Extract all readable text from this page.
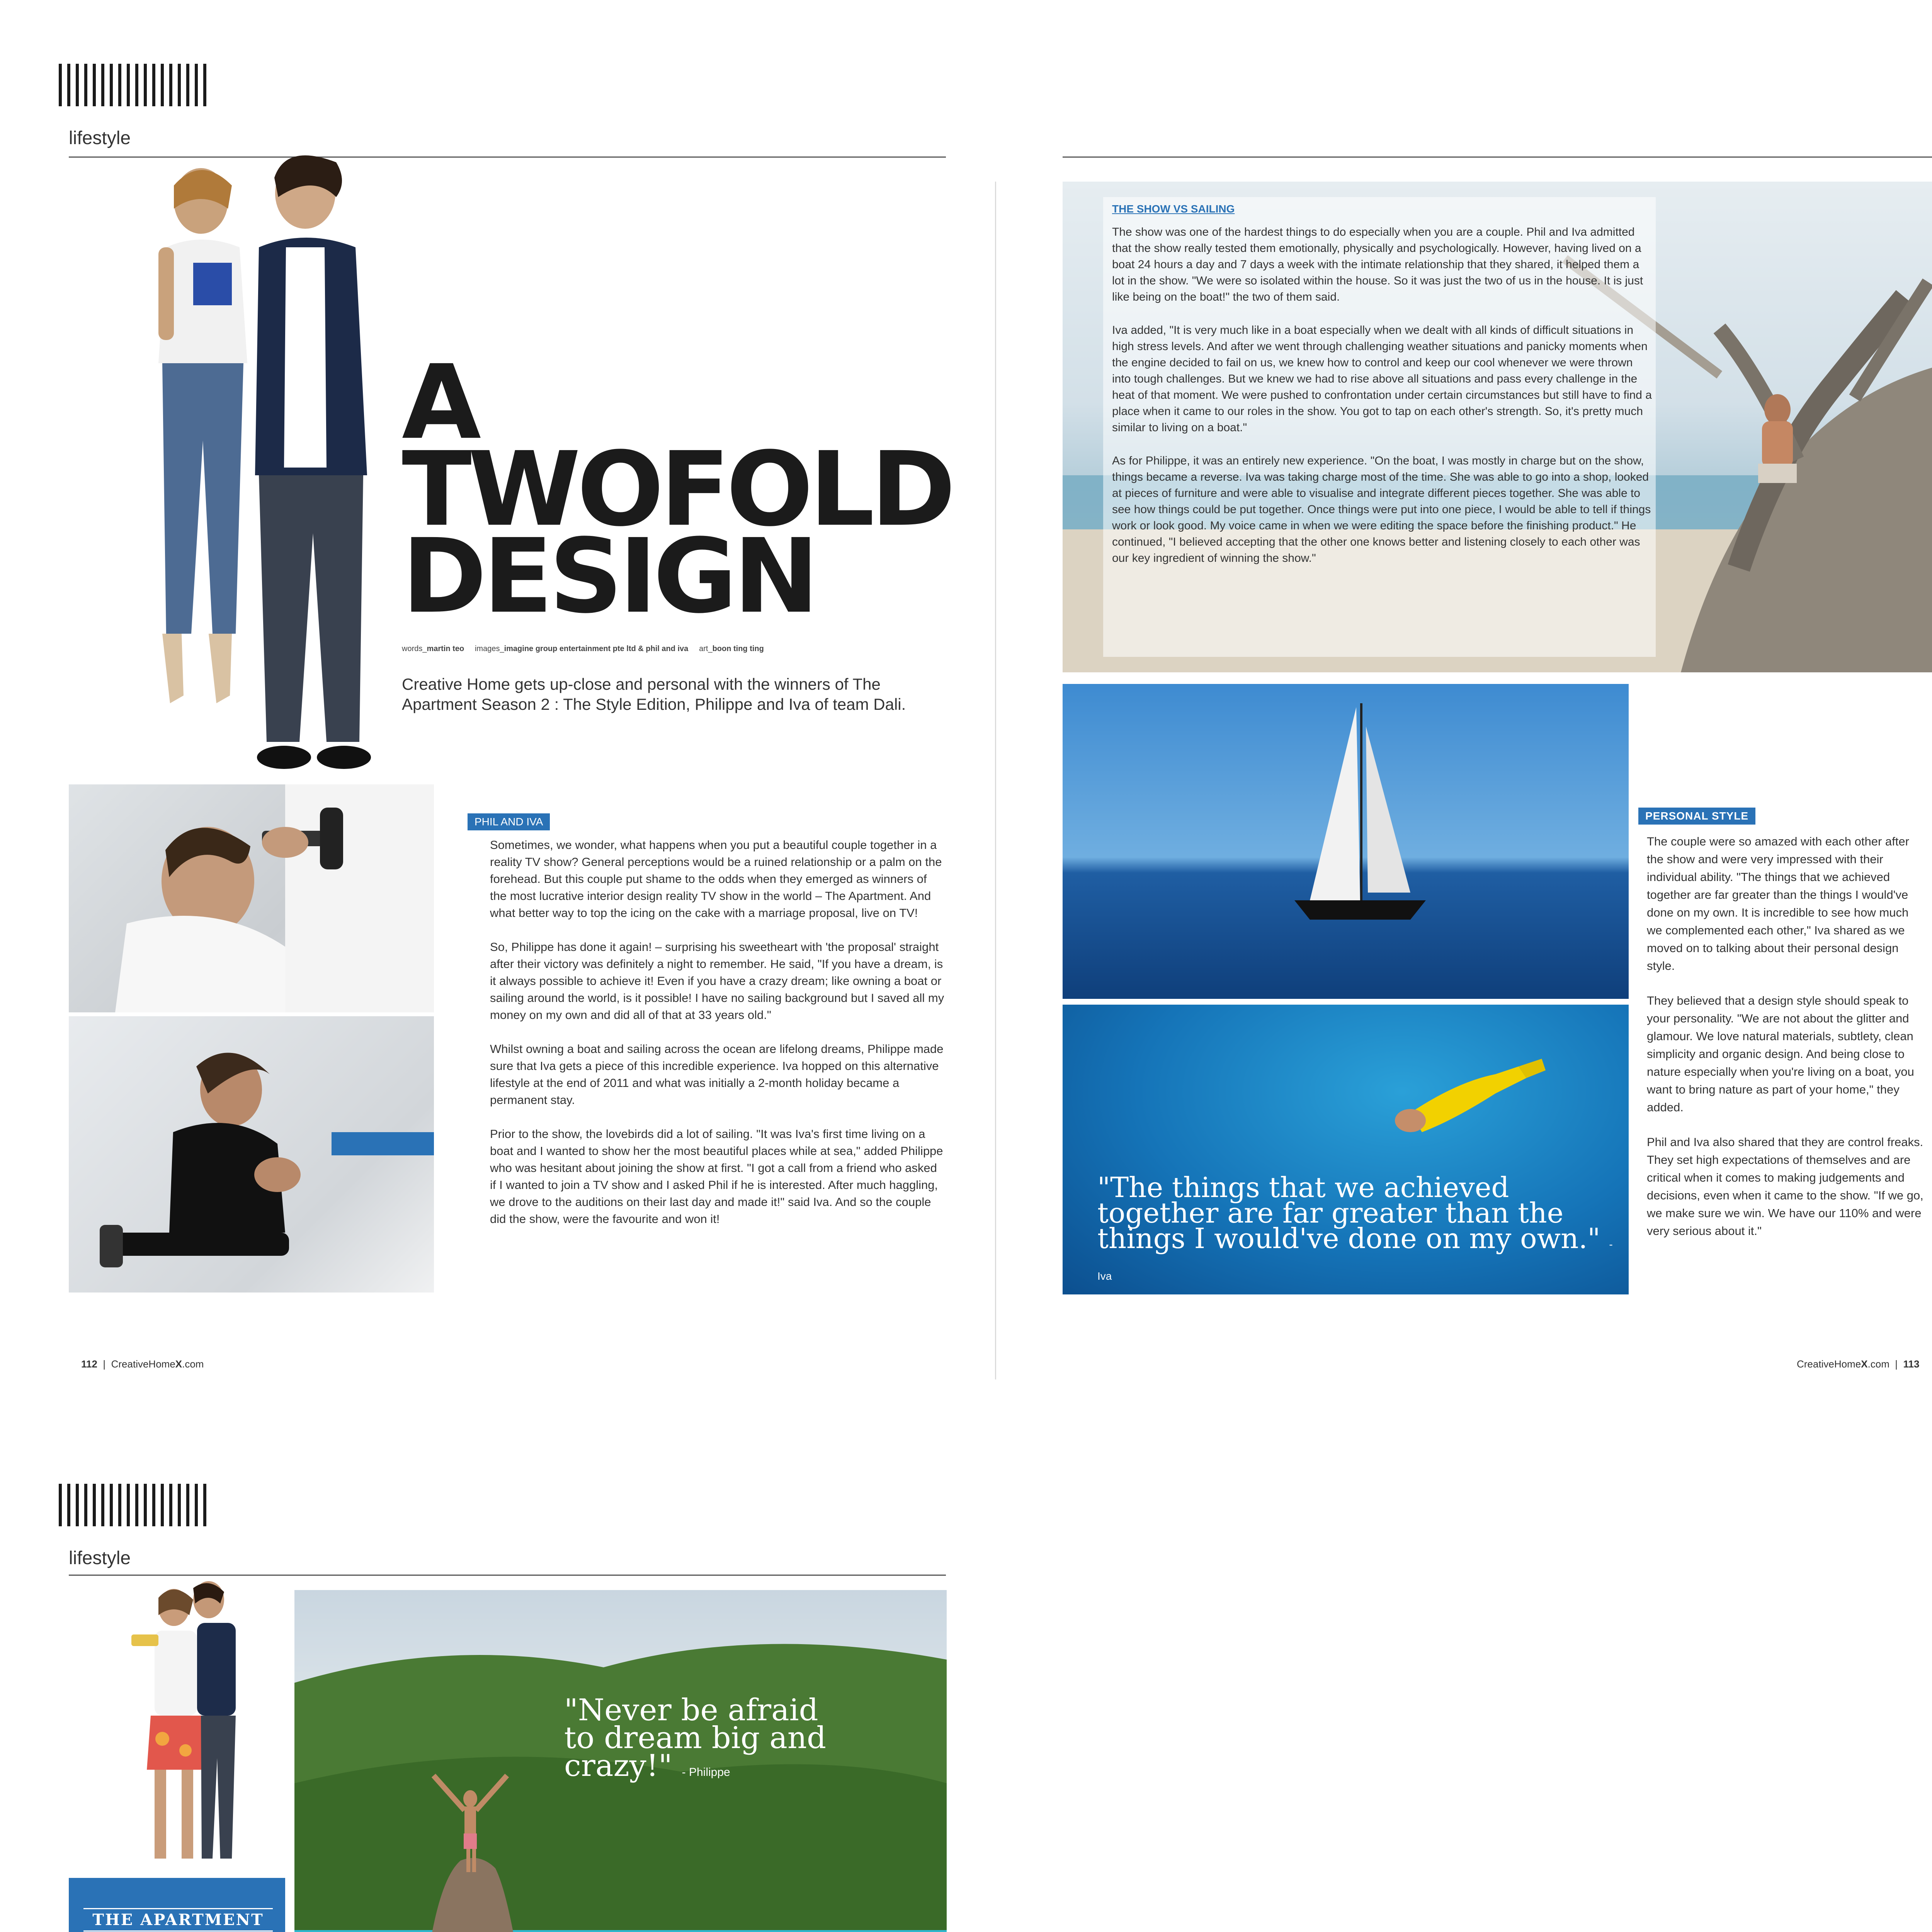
lifestyle
A
TWOFOLD
DESIGN
words_martin teo images_imagine group entertainment pte ltd & phil and iva art_boon ting ting
Creative Home gets up-close and personal with the winners of The Apartment Season 2 : The Style Edition, Philippe and Iva of team Dali.
PHIL AND IVA

Sometimes, we wonder, what happens when you put a beautiful couple together in a reality TV show? General perceptions would be a ruined relationship or a palm on the forehead. But this couple put shame to the odds when they emerged as winners of the most lucrative interior design reality TV show in the world – The Apartment. And what better way to top the icing on the cake with a marriage proposal, live on TV!

So, Philippe has done it again! – surprising his sweetheart with 'the proposal' straight after their victory was definitely a night to remember. He said, "If you have a dream, is it always possible to achieve it! Even if you have a crazy dream; like owning a boat or sailing around the world, is it possible! I have no sailing background but I saved all my money on my own and did all of that at 33 years old."

Whilst owning a boat and sailing across the ocean are lifelong dreams, Philippe made sure that Iva gets a piece of this incredible experience. Iva hopped on this alternative lifestyle at the end of 2011 and what was initially a 2-month holiday became a permanent stay.

Prior to the show, the lovebirds did a lot of sailing. "It was Iva's first time living on a boat and I wanted to show her the most beautiful places while at sea," added Philippe who was hesitant about joining the show at first. "I got a call from a friend who asked if I wanted to join a TV show and I asked Phil if he is interested. After much haggling, we drove to the auditions on their last day and made it!" said Iva. And so the couple did the show, were the favourite and won it!

112  |  CreativeHomeX.com
THE SHOW VS SAILING

The show was one of the hardest things to do especially when you are a couple. Phil and Iva admitted that the show really tested them emotionally, physically and psychologically. However, having lived on a boat 24 hours a day and 7 days a week with the intimate relationship that they shared, it helped them a lot in the show. "We were so isolated within the house. So it was just the two of us in the house. It is just like being on the boat!" the two of them said.

Iva added, "It is very much like in a boat especially when we dealt with all kinds of difficult situations in high stress levels. And after we went through challenging weather situations and panicky moments when the engine decided to fail on us, we knew how to control and keep our cool whenever we were thrown into tough challenges. But we knew we had to rise above all situations and pass every challenge in the heat of that moment. We were pushed to confrontation under certain circumstances but still have to find a place when it came to our roles in the show. You got to tap on each other's strength. So, it's pretty much similar to living on a boat."

As for Philippe, it was an entirely new experience. "On the boat, I was mostly in charge but on the show, things became a reverse. Iva was taking charge most of the time. She was able to go into a shop, looked at pieces of furniture and were able to visualise and integrate different pieces together. She was able to see how things could be put together. Once things were put into one piece, I would be able to tell if things work or look good. My voice came in when we were editing the space before the finishing product." He continued, "I believed accepting that the other one knows better and listening closely to each other was our key ingredient of winning the show."

"The things that we achieved together are far greater than the things I would've done on my own." - Iva
PERSONAL STYLE

The couple were so amazed with each other after the show and were very impressed with their individual ability. "The things that we achieved together are far greater than the things I would've done on my own. It is incredible to see how much we complemented each other," Iva shared as we moved on to talking about their personal design style.

They believed that a design style should speak to your personality. "We are not about the glitter and glamour. We love natural materials, subtlety, clean simplicity and organic design. And being close to nature especially when you're living on a boat, you want to bring nature as part of your home," they added.

Phil and Iva also shared that they are control freaks. They set high expectations of themselves and are critical when it comes to making judgements and decisions, even when it came to the show. "If we go, we make sure we win. We have our 110% and were very serious about it."

CreativeHomeX.com  |  113
lifestyle
THE APARTMENT

"Never be afraid to dream big and crazy!" - Philippe
